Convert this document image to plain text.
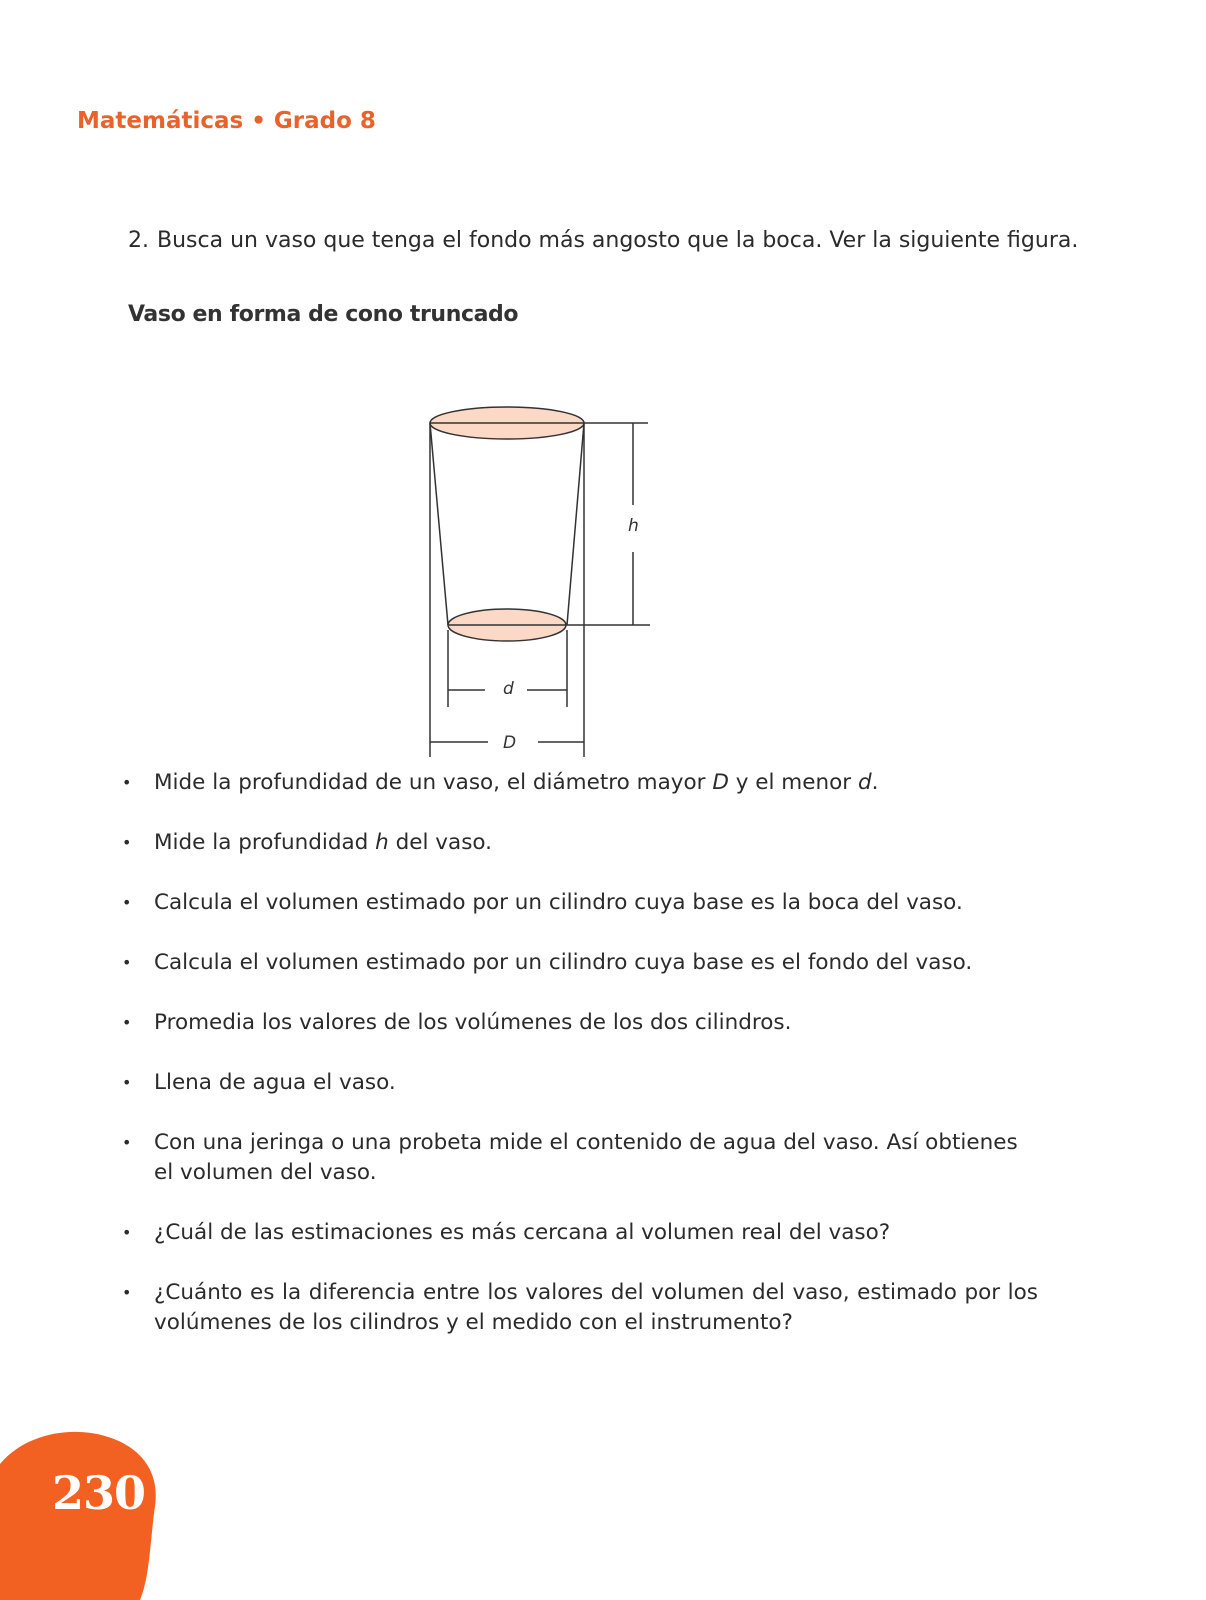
Matemáticas • Grado 8
2. Busca un vaso que tenga el fondo más angosto que la boca. Ver la siguiente figura.
Vaso en forma de cono truncado
h
d
D
• Mide la profundidad de un vaso, el diámetro mayor D y el menor d.
• Mide la profundidad h del vaso.
• Calcula el volumen estimado por un cilindro cuya base es la boca del vaso.
• Calcula el volumen estimado por un cilindro cuya base es el fondo del vaso.
• Promedia los valores de los volúmenes de los dos cilindros.
• Llena de agua el vaso.
• Con una jeringa o una probeta mide el contenido de agua del vaso. Así obtienes el volumen del vaso.
• ¿Cuál de las estimaciones es más cercana al volumen real del vaso?
• ¿Cuánto es la diferencia entre los valores del volumen del vaso, estimado por los volúmenes de los cilindros y el medido con el instrumento?
230
